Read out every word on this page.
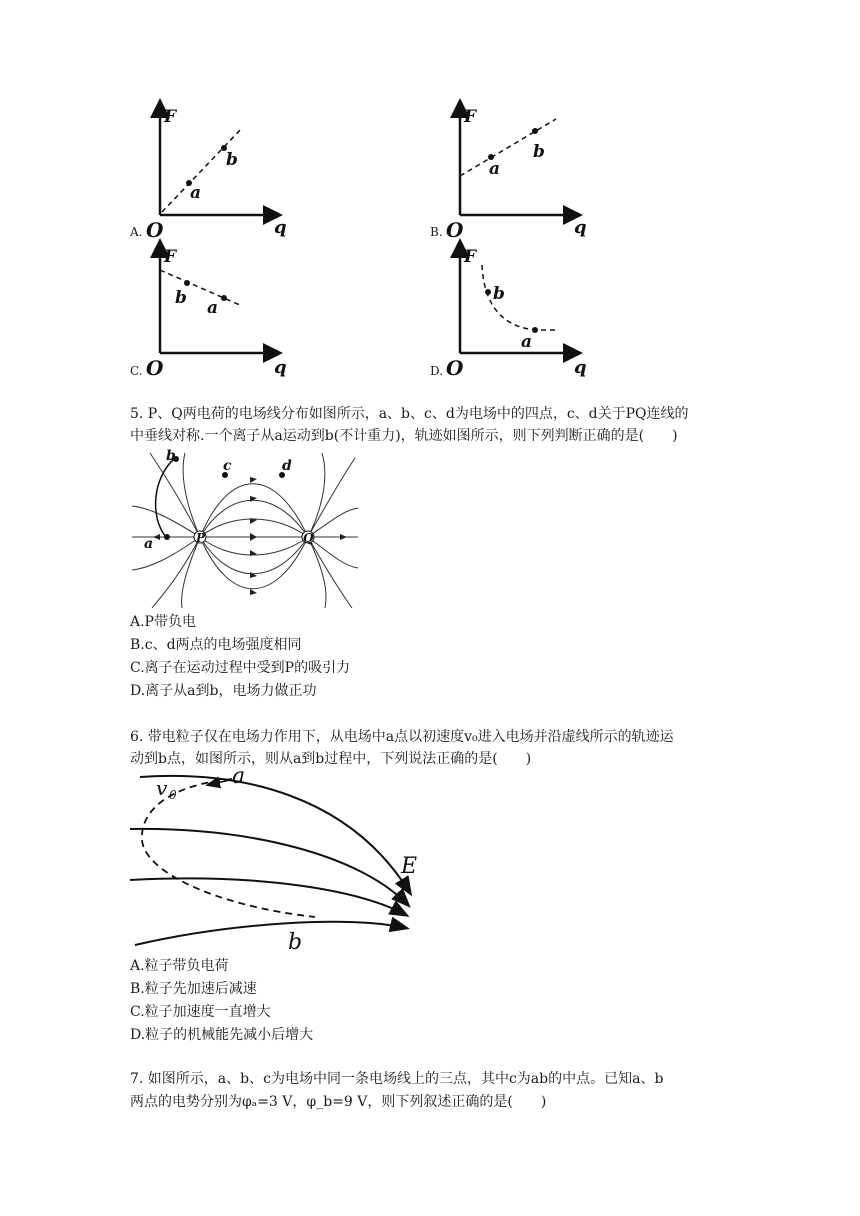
A.
F
O	q
a
b
B.
F
O	q
a
b
C.
F
O	q
b a
D.
F
O	q
b
a
5. P、Q两电荷的电场线分布如图所示，a、b、c、d为电场中的四点，c、d关于PQ连线的
中垂线对称.一个离子从a运动到b(不计重力)，轨迹如图所示，则下列判断正确的是(　　)
P	Q
a
b
c	d
A.P带负电
B.c、d两点的电场强度相同
C.离子在运动过程中受到P的吸引力
D.离子从a到b，电场力做正功
6. 带电粒子仅在电场力作用下，从电场中a点以初速度v₀进入电场并沿虚线所示的轨迹运
动到b点，如图所示，则从a到b过程中，下列说法正确的是(　　)
a
v 0
E
b
A.粒子带负电荷
B.粒子先加速后减速
C.粒子加速度一直增大
D.粒子的机械能先减小后增大
7. 如图所示，a、b、c为电场中同一条电场线上的三点，其中c为ab的中点。已知a、b
两点的电势分别为φₐ=3 V，φ_b=9 V，则下列叙述正确的是(　　)
